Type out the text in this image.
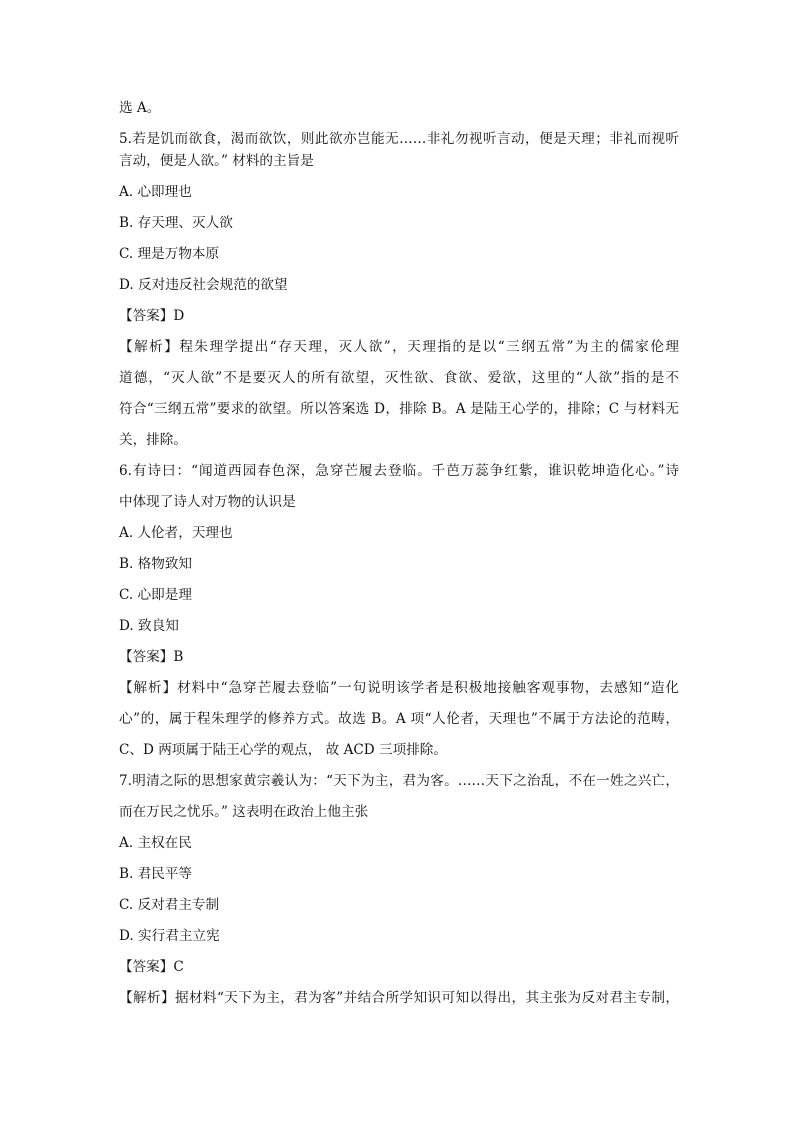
选 A。

5.若是饥而欲食，渴而欲饮，则此欲亦岂能无……非礼勿视听言动，便是天理；非礼而视听

言动，便是人欲。” 材料的主旨是

A. 心即理也

B. 存天理、灭人欲

C. 理是万物本原

D. 反对违反社会规范的欲望

【答案】D

【解析】程朱理学提出“存天理，灭人欲”，天理指的是以“三纲五常”为主的儒家伦理

道德，“灭人欲”不是要灭人的所有欲望，灭性欲、食欲、爱欲，这里的“人欲”指的是不

符合“三纲五常”要求的欲望。所以答案选 D，排除 B。A 是陆王心学的，排除；C 与材料无

关，排除。

6.有诗曰：“闻道西园春色深，急穿芒履去登临。千芭万蕊争红紫，谁识乾坤造化心。”诗

中体现了诗人对万物的认识是

A. 人伦者，天理也

B. 格物致知

C. 心即是理

D. 致良知

【答案】B

【解析】材料中“急穿芒履去登临”一句说明该学者是积极地接触客观事物，去感知“造化

心”的，属于程朱理学的修养方式。故选 B。A 项“人伦者，天理也”不属于方法论的范畴，

C、D 两项属于陆王心学的观点， 故 ACD 三项排除。

7.明清之际的思想家黄宗羲认为：“天下为主，君为客。……天下之治乱，不在一姓之兴亡，

而在万民之忧乐。” 这表明在政治上他主张

A. 主权在民

B. 君民平等

C. 反对君主专制

D. 实行君主立宪

【答案】C

【解析】据材料“天下为主，君为客”并结合所学知识可知以得出，其主张为反对君主专制，
